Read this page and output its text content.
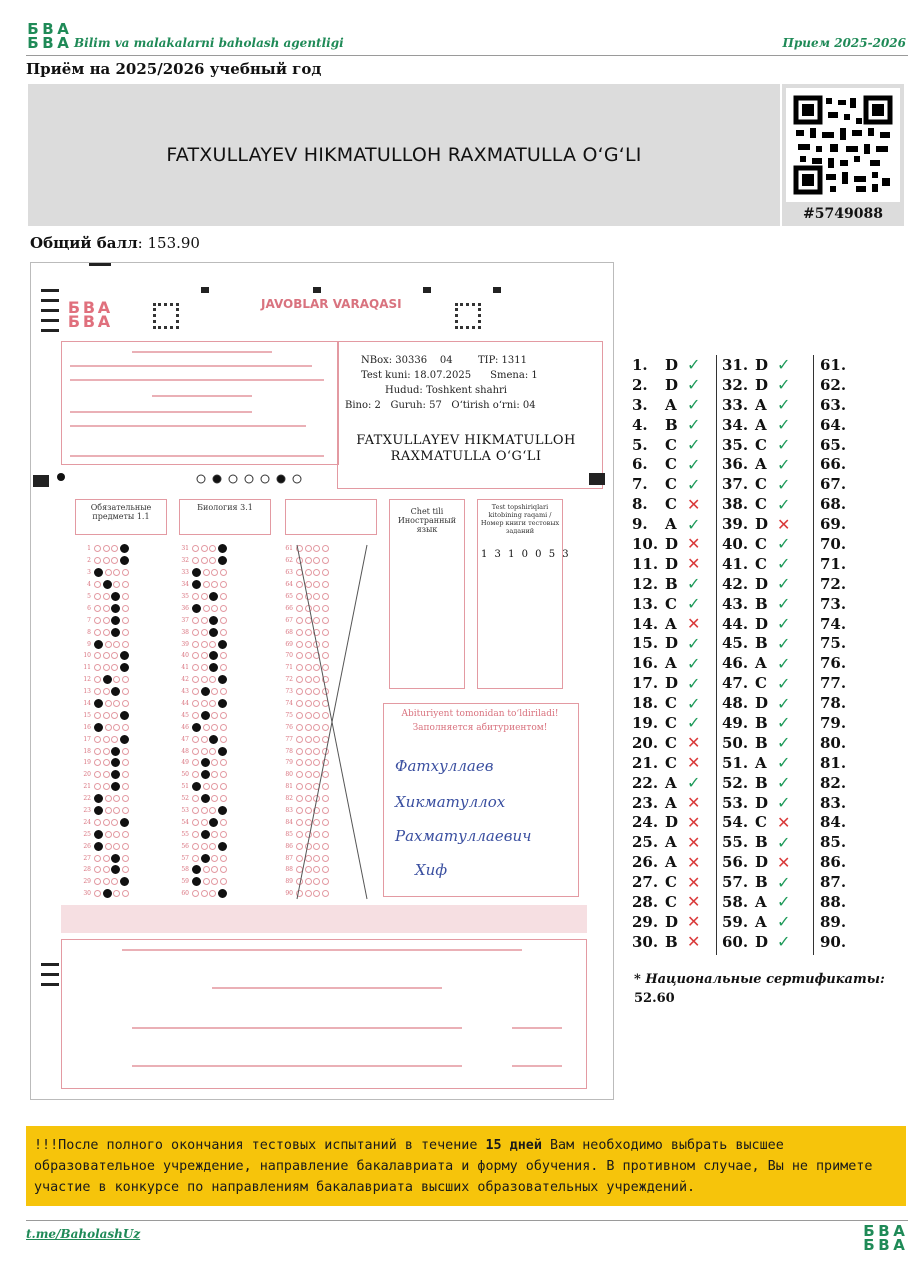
Б В А
Б В А Bilim va malakalarni baholash agentligi	Прием 2025-2026
Приём на 2025/2026 учебный год
FATXULLAYEV HIKMATULLOH RAXMATULLA O‘G‘LI
#5749088
Общий балл: 153.90
Б В А
Б В А
JAVOBLAR VARAQASI
NBox: 30336 04	TIP: 1311
Test kuni: 18.07.2025 Smena: 1
Hudud: Toshkent shahri
Bino: 2 Guruh: 57 O‘tirish o‘rni: 04
FATXULLAYEV HIKMATULLOH
RAXMATULLA O‘G‘LI
Обязательные предметы 1.1
Биология 3.1	Chet tili Иностранный язык
Test topshiriqlari kitobining raqami / Номер книги тестовых заданий
1 3 1 0 0 5 3
1
2
3
4
5
6
7
8
9
10
11
12
13
14
15
16
17
18
19
20
21
22
23
24
25
26
27
28
29
30
31
32
33
34
35
36
37
38
39
40
41
42
43
44
45
46
47
48
49
50
51
52
53
54
55
56
57
58
59
60
61
62
63
64
65
66
67
68
69
70
71
72
73
74
75
76
77
78
79
80
81
82
83
84
85
86
87
88
89
90
Abituriyent tomonidan to‘ldiriladi!
Заполняется абитуриентом!
Фатхуллаев
Хикматуллох
Рахматуллаевич
Хиф
1.	D ✓
2.	D ✓
3.	A ✓
4.	B ✓
5.	C ✓
6.	C ✓
7.	C ✓
8.	C ✕
9.	A ✓
10. D ✕
11. D ✕
12. B ✓
13. C ✓
14. A ✕
15. D ✓
16. A ✓
17. D ✓
18. C ✓
19. C ✓
20. C ✕
21. C ✕
22. A ✓
23. A ✕
24. D ✕
25. A ✕
26. A ✕
27. C ✕
28. C ✕
29. D ✕
30. B ✕
31. D ✓
32. D ✓
33. A ✓
34. A ✓
35. C ✓
36. A ✓
37. C ✓
38. C ✓
39. D ✕
40. C ✓
41. C ✓
42. D ✓
43. B ✓
44. D ✓
45. B ✓
46. A ✓
47. C ✓
48. D ✓
49. B ✓
50. B ✓
51. A ✓
52. B ✓
53. D ✓
54. C ✕
55. B ✓
56. D ✕
57. B ✓
58. A ✓
59. A ✓
60. D ✓
61.
62.
63.
64.
65.
66.
67.
68.
69.
70.
71.
72.
73.
74.
75.
76.
77.
78.
79.
80.
81.
82.
83.
84.
85.
86.
87.
88.
89.
90.
* Национальные сертификаты:
52.60
!!!После полного окончания тестовых испытаний в течение 15 дней Вам необходимо выбрать высшее образовательное учреждение, направление бакалавриата и форму обучения. В противном случае, Вы не примете участие в конкурсе по направлениям бакалавриата высших образовательных учреждений.
t.me/BaholashUz	Б В А
Б В А
